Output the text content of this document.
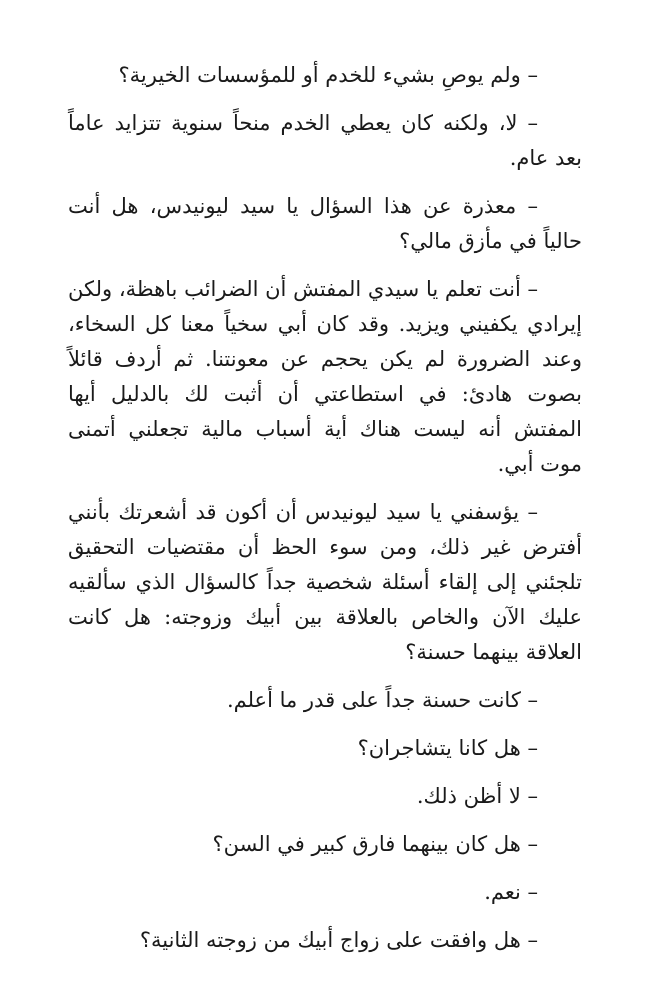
– ولم يوصِ بشيء للخدم أو للمؤسسات الخيرية؟

– لا، ولكنه كان يعطي الخدم منحاً سنوية تتزايد عاماً بعد عام.

– معذرة عن هذا السؤال يا سيد ليونيدس، هل أنت حالياً في مأزق مالي؟

– أنت تعلم يا سيدي المفتش أن الضرائب باهظة، ولكن إيرادي يكفيني ويزيد. وقد كان أبي سخياً معنا كل السخاء، وعند الضرورة لم يكن يحجم عن معونتنا. ثم أردف قائلاً بصوت هادئ: في استطاعتي أن أثبت لك بالدليل أيها المفتش أنه ليست هناك أية أسباب مالية تجعلني أتمنى موت أبي.

– يؤسفني يا سيد ليونيدس أن أكون قد أشعرتك بأنني أفترض غير ذلك، ومن سوء الحظ أن مقتضيات التحقيق تلجئني إلى إلقاء أسئلة شخصية جداً كالسؤال الذي سألقيه عليك الآن والخاص بالعلاقة بين أبيك وزوجته: هل كانت العلاقة بينهما حسنة؟

– كانت حسنة جداً على قدر ما أعلم.

– هل كانا يتشاجران؟

– لا أظن ذلك.

– هل كان بينهما فارق كبير في السن؟

– نعم.

– هل وافقت على زواج أبيك من زوجته الثانية؟
